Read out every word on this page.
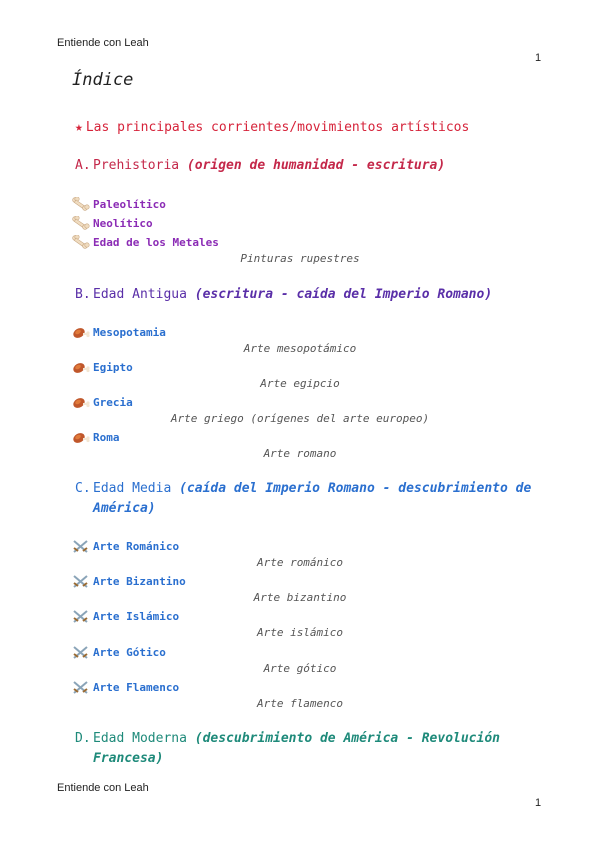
Entiende con Leah
1
Índice
★ Las principales corrientes/movimientos artísticos
A. Prehistoria (origen de humanidad - escritura)
Paleolítico
Neolítico
Edad de los Metales
Pinturas rupestres
B. Edad Antigua (escritura - caída del Imperio Romano)
Mesopotamia
Arte mesopotámico
Egipto
Arte egipcio
Grecia
Arte griego (orígenes del arte europeo)
Roma
Arte romano
C. Edad Media (caída del Imperio Romano - descubrimiento de América)
Arte Románico
Arte románico
Arte Bizantino
Arte bizantino
Arte Islámico
Arte islámico
Arte Gótico
Arte gótico
Arte Flamenco
Arte flamenco
D. Edad Moderna (descubrimiento de América - Revolución Francesa)
Entiende con Leah
1
